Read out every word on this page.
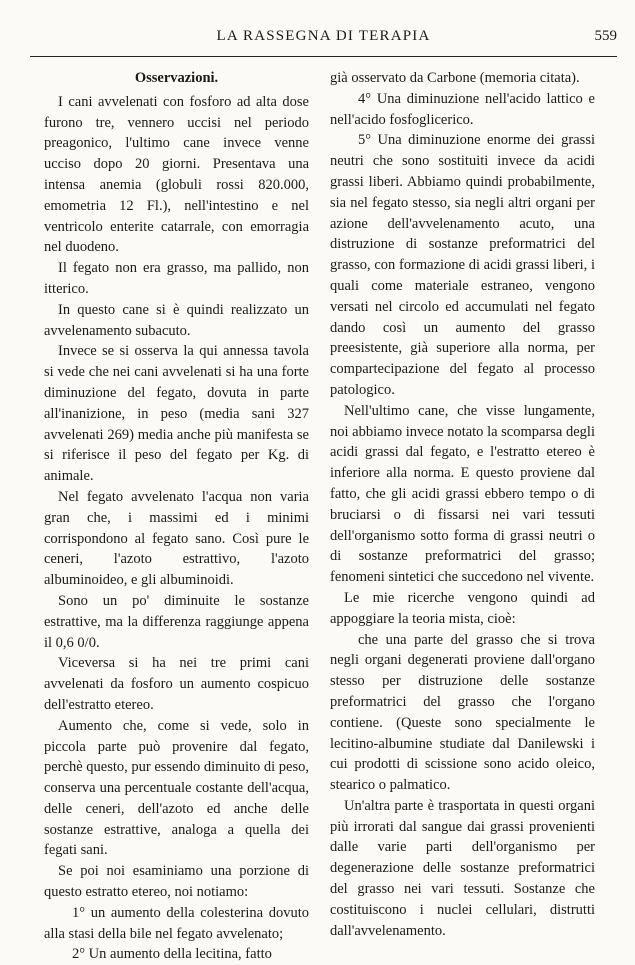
LA RASSEGNA DI TERAPIA	559

Osservazioni.

I cani avvelenati con fosforo ad alta dose furono tre, vennero uccisi nel periodo preagonico, l'ultimo cane invece venne ucciso dopo 20 giorni. Presentava una intensa anemia (globuli rossi 820.000, emometria 12 Fl.), nell'intestino e nel ventricolo enterite catarrale, con emorragia nel duodeno.

Il fegato non era grasso, ma pallido, non itterico.

In questo cane si è quindi realizzato un avvelenamento subacuto.

Invece se si osserva la qui annessa tavola si vede che nei cani avvelenati si ha una forte diminuzione del fegato, dovuta in parte all'inanizione, in peso (media sani 327 avvelenati 269) media anche più manifesta se si riferisce il peso del fegato per Kg. di animale.

Nel fegato avvelenato l'acqua non varia gran che, i massimi ed i minimi corrispondono al fegato sano. Così pure le ceneri, l'azoto estrattivo, l'azoto albuminoideo, e gli albuminoidi.

Sono un po' diminuite le sostanze estrattive, ma la differenza raggiunge appena il 0,6 0/0.

Viceversa si ha nei tre primi cani avvelenati da fosforo un aumento cospicuo dell'estratto etereo.

Aumento che, come si vede, solo in piccola parte può provenire dal fegato, perchè questo, pur essendo diminuito di peso, conserva una percentuale costante dell'acqua, delle ceneri, dell'azoto ed anche delle sostanze estrattive, analoga a quella dei fegati sani.

Se poi noi esaminiamo una porzione di questo estratto etereo, noi notiamo:

1° un aumento della colesterina dovuto alla stasi della bile nel fegato avvelenato;

2° Un aumento della lecitina, fatto

già osservato da Carbone (memoria citata).

4° Una diminuzione nell'acido lattico e nell'acido fosfoglicerico.

5° Una diminuzione enorme dei grassi neutri che sono sostituiti invece da acidi grassi liberi. Abbiamo quindi probabilmente, sia nel fegato stesso, sia negli altri organi per azione dell'avvelenamento acuto, una distruzione di sostanze preformatrici del grasso, con formazione di acidi grassi liberi, i quali come materiale estraneo, vengono versati nel circolo ed accumulati nel fegato dando così un aumento del grasso preesistente, già superiore alla norma, per compartecipazione del fegato al processo patologico.

Nell'ultimo cane, che visse lungamente, noi abbiamo invece notato la scomparsa degli acidi grassi dal fegato, e l'estratto etereo è inferiore alla norma. E questo proviene dal fatto, che gli acidi grassi ebbero tempo o di bruciarsi o di fissarsi nei vari tessuti dell'organismo sotto forma di grassi neutri o di sostanze preformatrici del grasso; fenomeni sintetici che succedono nel vivente.

Le mie ricerche vengono quindi ad appoggiare la teoria mista, cioè:

che una parte del grasso che si trova negli organi degenerati proviene dall'organo stesso per distruzione delle sostanze preformatrici del grasso che l'organo contiene. (Queste sono specialmente le lecitino-albumine studiate dal Danilewski i cui prodotti di scissione sono acido oleico, stearico o palmatico.

Un'altra parte è trasportata in questi organi più irrorati dal sangue dai grassi provenienti dalle varie parti dell'organismo per degenerazione delle sostanze preformatrici del grasso nei vari tessuti. Sostanze che costituiscono i nuclei cellulari, distrutti dall'avvelenamento.
